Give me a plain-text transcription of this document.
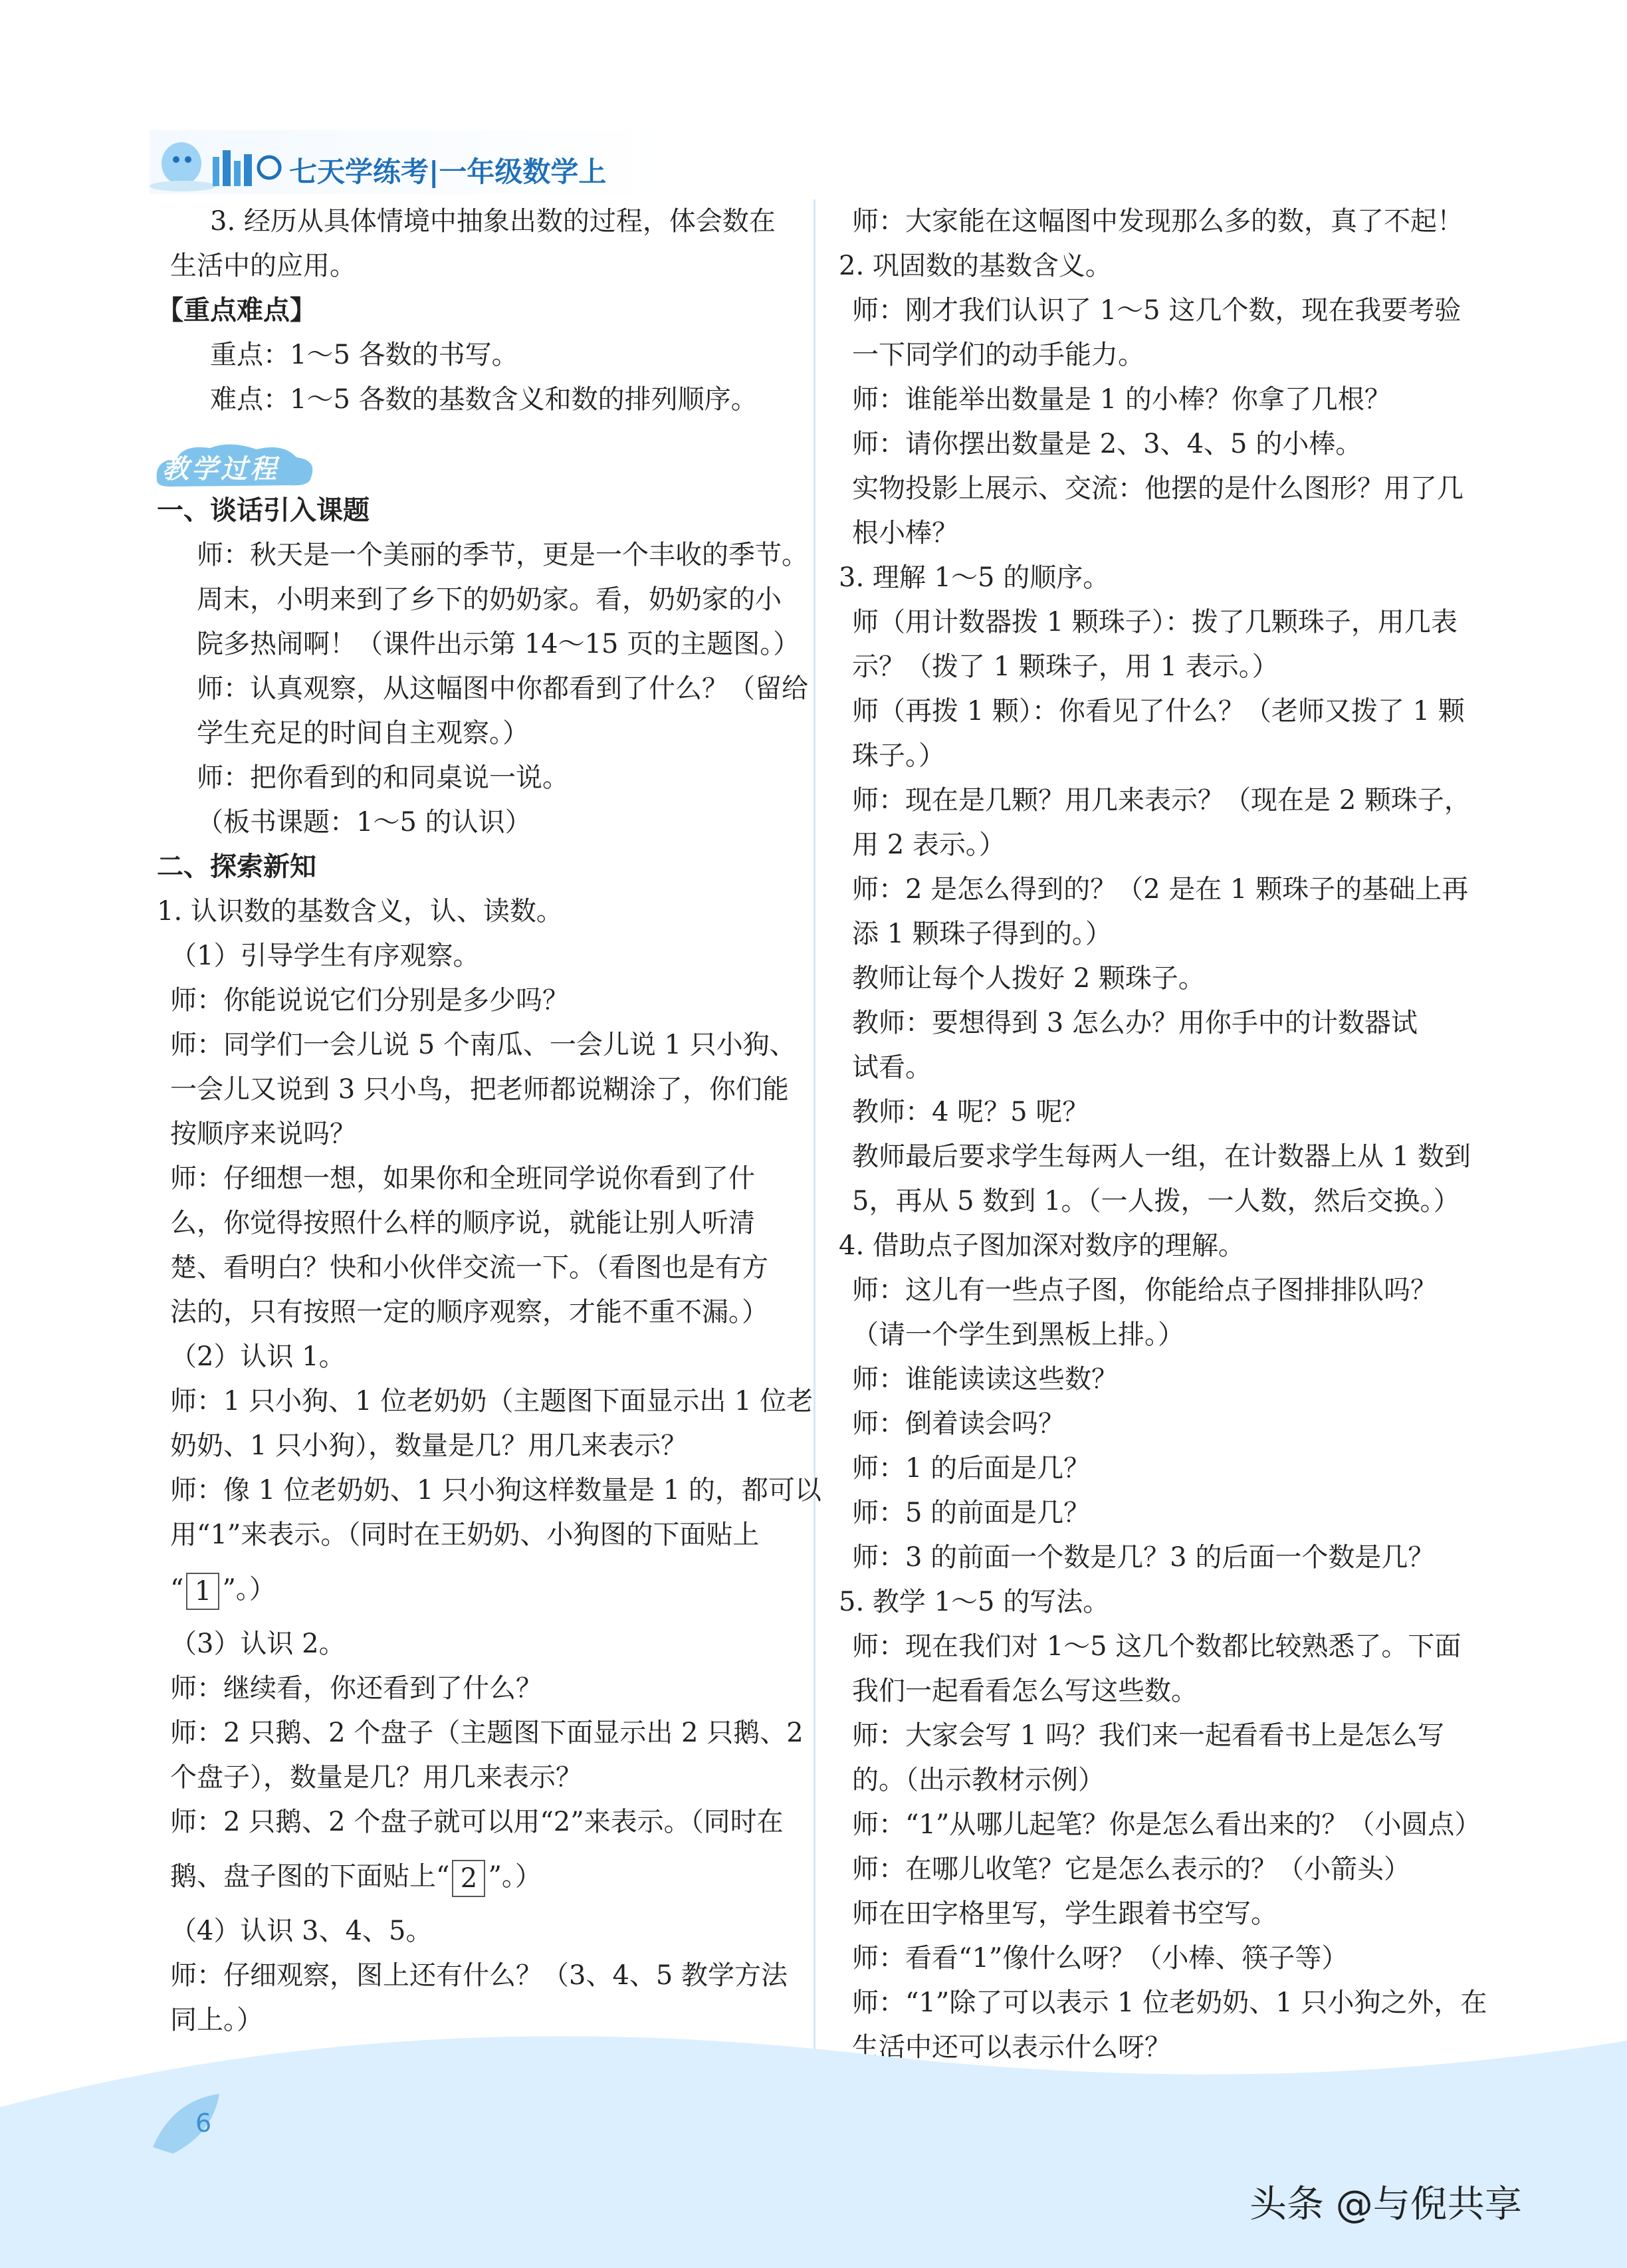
七天学练考|一年级数学上
教学过程
3. 经历从具体情境中抽象出数的过程，体会数在
生活中的应用。
【重点难点】
重点：1～5 各数的书写。
难点：1～5 各数的基数含义和数的排列顺序。
一、谈话引入课题
师：秋天是一个美丽的季节，更是一个丰收的季节。
周末，小明来到了乡下的奶奶家。看，奶奶家的小
院多热闹啊！（课件出示第 14～15 页的主题图。）
师：认真观察，从这幅图中你都看到了什么？（留给
学生充足的时间自主观察。）
师：把你看到的和同桌说一说。
（板书课题：1～5 的认识）
二、探索新知
1. 认识数的基数含义，认、读数。
（1）引导学生有序观察。
师：你能说说它们分别是多少吗？
师：同学们一会儿说 5 个南瓜、一会儿说 1 只小狗、
一会儿又说到 3 只小鸟，把老师都说糊涂了，你们能
按顺序来说吗？
师：仔细想一想，如果你和全班同学说你看到了什
么，你觉得按照什么样的顺序说，就能让别人听清
楚、看明白？快和小伙伴交流一下。（看图也是有方
法的，只有按照一定的顺序观察，才能不重不漏。）
（2）认识 1。
师：1 只小狗、1 位老奶奶（主题图下面显示出 1 位老
奶奶、1 只小狗），数量是几？用几来表示？
师：像 1 位老奶奶、1 只小狗这样数量是 1 的，都可以
用“1”来表示。（同时在王奶奶、小狗图的下面贴上
“ 1 ”。）
（3）认识 2。
师：继续看，你还看到了什么？
师：2 只鹅、2 个盘子（主题图下面显示出 2 只鹅、2
个盘子），数量是几？用几来表示？
师：2 只鹅、2 个盘子就可以用“2”来表示。（同时在
鹅、盘子图的下面贴上“ 2 ”。）
（4）认识 3、4、5。
师：仔细观察，图上还有什么？（3、4、5 教学方法
同上。）
师：大家能在这幅图中发现那么多的数，真了不起！
2. 巩固数的基数含义。
师：刚才我们认识了 1～5 这几个数，现在我要考验
一下同学们的动手能力。
师：谁能举出数量是 1 的小棒？你拿了几根？
师：请你摆出数量是 2、3、4、5 的小棒。
实物投影上展示、交流：他摆的是什么图形？用了几
根小棒？
3. 理解 1～5 的顺序。
师（用计数器拨 1 颗珠子）：拨了几颗珠子，用几表
示？（拨了 1 颗珠子，用 1 表示。）
师（再拨 1 颗）：你看见了什么？（老师又拨了 1 颗
珠子。）
师：现在是几颗？用几来表示？（现在是 2 颗珠子，
用 2 表示。）
师：2 是怎么得到的？（2 是在 1 颗珠子的基础上再
添 1 颗珠子得到的。）
教师让每个人拨好 2 颗珠子。
教师：要想得到 3 怎么办？用你手中的计数器试
试看。
教师：4 呢？5 呢？
教师最后要求学生每两人一组，在计数器上从 1 数到
5，再从 5 数到 1。（一人拨，一人数，然后交换。）
4. 借助点子图加深对数序的理解。
师：这儿有一些点子图，你能给点子图排排队吗？
（请一个学生到黑板上排。）
师：谁能读读这些数？
师：倒着读会吗？
师：1 的后面是几？
师：5 的前面是几？
师：3 的前面一个数是几？3 的后面一个数是几？
5. 教学 1～5 的写法。
师：现在我们对 1～5 这几个数都比较熟悉了。下面
我们一起看看怎么写这些数。
师：大家会写 1 吗？我们来一起看看书上是怎么写
的。（出示教材示例）
师：“1”从哪儿起笔？你是怎么看出来的？（小圆点）
师：在哪儿收笔？它是怎么表示的？（小箭头）
师在田字格里写，学生跟着书空写。
师：看看“1”像什么呀？（小棒、筷子等）
师：“1”除了可以表示 1 位老奶奶、1 只小狗之外，在
生活中还可以表示什么呀？
6
头条 @与倪共享
